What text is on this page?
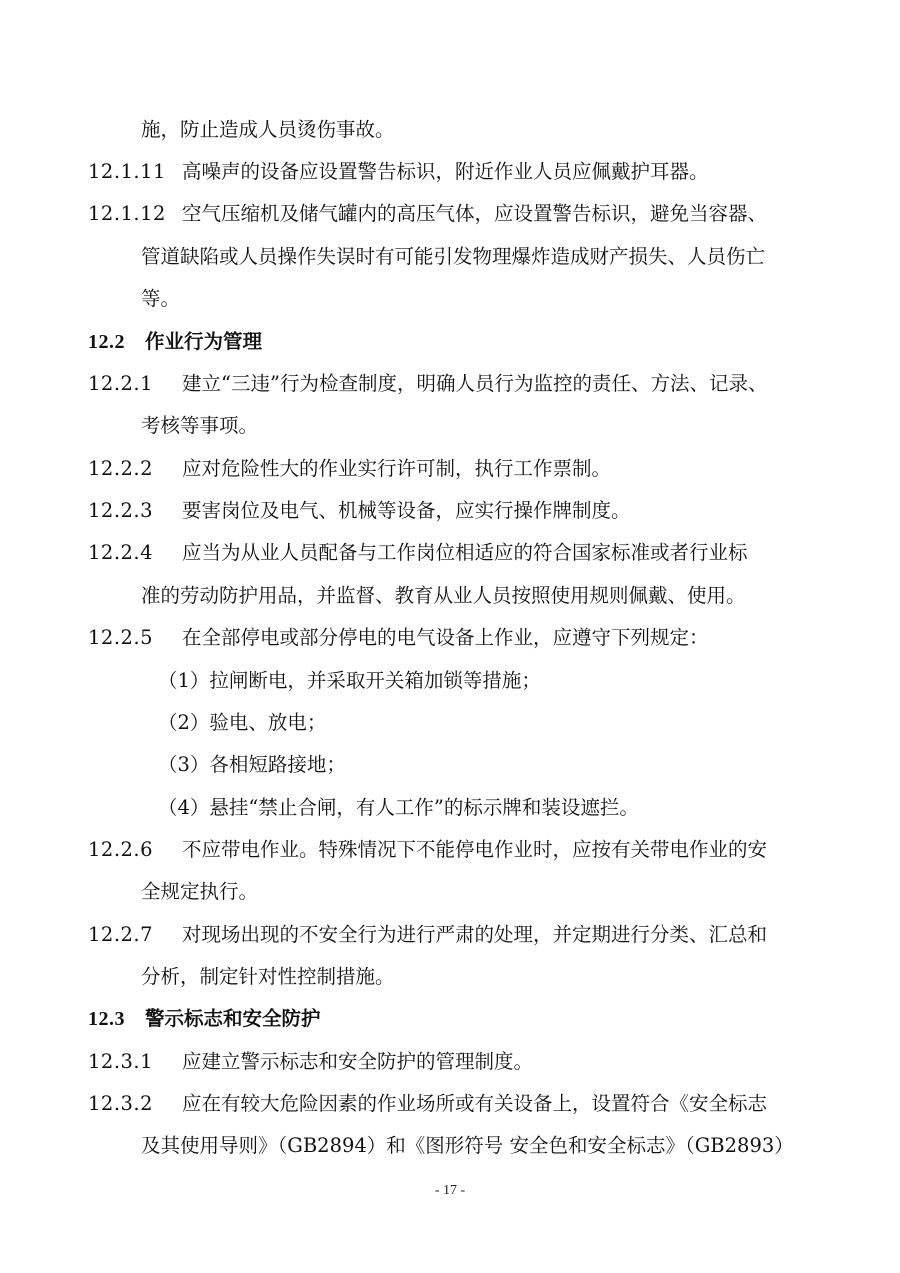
施，防止造成人员烫伤事故。
12.1.11 高噪声的设备应设置警告标识，附近作业人员应佩戴护耳器。
12.1.12 空气压缩机及储气罐内的高压气体，应设置警告标识，避免当容器、
管道缺陷或人员操作失误时有可能引发物理爆炸造成财产损失、人员伤亡
等。
12.2 作业行为管理
12.2.1 建立“三违”行为检查制度，明确人员行为监控的责任、方法、记录、
考核等事项。
12.2.2 应对危险性大的作业实行许可制，执行工作票制。
12.2.3 要害岗位及电气、机械等设备，应实行操作牌制度。
12.2.4 应当为从业人员配备与工作岗位相适应的符合国家标准或者行业标
准的劳动防护用品，并监督、教育从业人员按照使用规则佩戴、使用。
12.2.5 在全部停电或部分停电的电气设备上作业，应遵守下列规定：
（1）拉闸断电，并采取开关箱加锁等措施；
（2）验电、放电；
（3）各相短路接地；
（4）悬挂“禁止合闸，有人工作”的标示牌和装设遮拦。
12.2.6 不应带电作业。特殊情况下不能停电作业时，应按有关带电作业的安
全规定执行。
12.2.7 对现场出现的不安全行为进行严肃的处理，并定期进行分类、汇总和
分析，制定针对性控制措施。
12.3 警示标志和安全防护
12.3.1 应建立警示标志和安全防护的管理制度。
12.3.2 应在有较大危险因素的作业场所或有关设备上，设置符合《安全标志
及其使用导则》（GB2894）和《图形符号 安全色和安全标志》（GB2893）
- 17 -
